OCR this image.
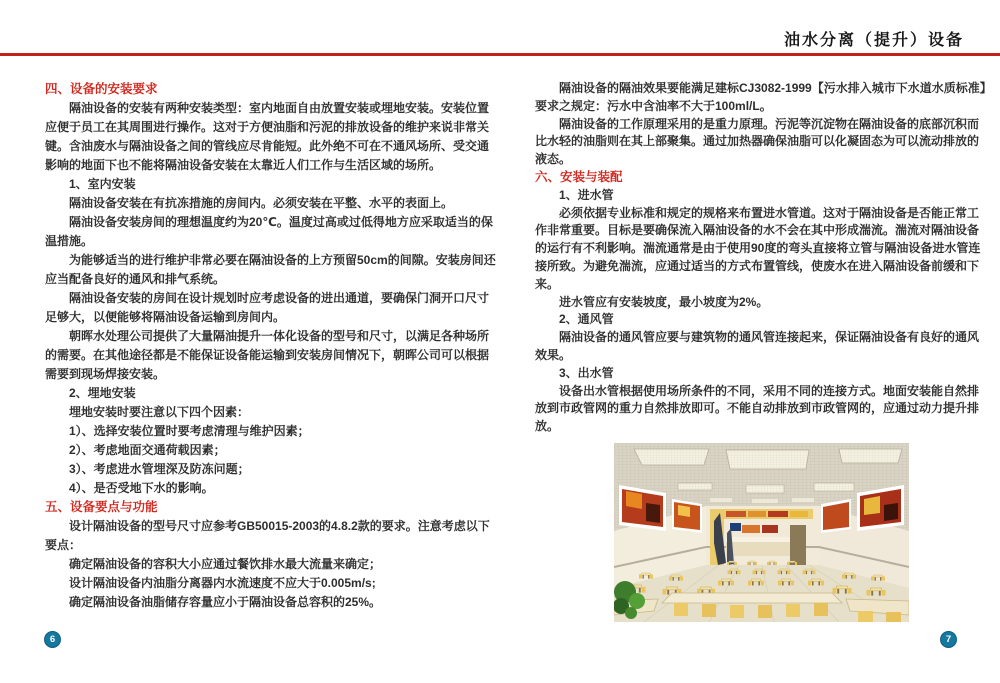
油水分离（提升）设备

四、设备的安装要求

隔油设备的安装有两种安装类型：室内地面自由放置安装或埋地安装。安装位置应便于员工在其周围进行操作。这对于方便油脂和污泥的排放设备的维护来说非常关键。含油废水与隔油设备之间的管线应尽肯能短。此外绝不可在不通风场所、受交通影响的地面下也不能将隔油设备安装在太靠近人们工作与生活区域的场所。

1、室内安装

隔油设备安装在有抗冻措施的房间内。必须安装在平整、水平的表面上。

隔油设备安装房间的理想温度约为20℃。温度过高或过低得地方应采取适当的保温措施。

为能够适当的进行维护非常必要在隔油设备的上方预留50cm的间隙。安装房间还应当配备良好的通风和排气系统。

隔油设备安装的房间在设计规划时应考虑设备的进出通道，要确保门洞开口尺寸足够大，以便能够将隔油设备运输到房间内。

朝晖水处理公司提供了大量隔油提升一体化设备的型号和尺寸，以满足各种场所的需要。在其他途径都是不能保证设备能运输到安装房间情况下，朝晖公司可以根据需要到现场焊接安装。

2、埋地安装

埋地安装时要注意以下四个因素：

1）、选择安装位置时要考虑清理与维护因素；

2）、考虑地面交通荷载因素；

3）、考虑进水管埋深及防冻问题；

4）、是否受地下水的影响。

五、设备要点与功能

设计隔油设备的型号尺寸应参考GB50015-2003的4.8.2款的要求。注意考虑以下要点：

确定隔油设备的容积大小应通过餐饮排水最大流量来确定；

设计隔油设备内油脂分离器内水流速度不应大于0.005m/s;

确定隔油设备油脂储存容量应小于隔油设备总容积的25%。

隔油设备的隔油效果要能满足建标CJ3082-1999【污水排入城市下水道水质标准】要求之规定：污水中含油率不大于100ml/L。

隔油设备的工作原理采用的是重力原理。污泥等沉淀物在隔油设备的底部沉积而比水轻的油脂则在其上部聚集。通过加热器确保油脂可以化凝固态为可以流动排放的液态。

六、安装与装配

1、进水管

必须依据专业标准和规定的规格来布置进水管道。这对于隔油设备是否能正常工作非常重要。目标是要确保流入隔油设备的水不会在其中形成湍流。湍流对隔油设备的运行有不利影响。湍流通常是由于使用90度的弯头直接将立管与隔油设备进水管连接所致。为避免湍流，应通过适当的方式布置管线，使废水在进入隔油设备前缓和下来。

进水管应有安装坡度，最小坡度为2%。

2、通风管

隔油设备的通风管应要与建筑物的通风管连接起来，保证隔油设备有良好的通风效果。

3、出水管

设备出水管根据使用场所条件的不同，采用不同的连接方式。地面安装能自然排放到市政管网的重力自然排放即可。不能自动排放到市政管网的，应通过动力提升排放。

6	7
